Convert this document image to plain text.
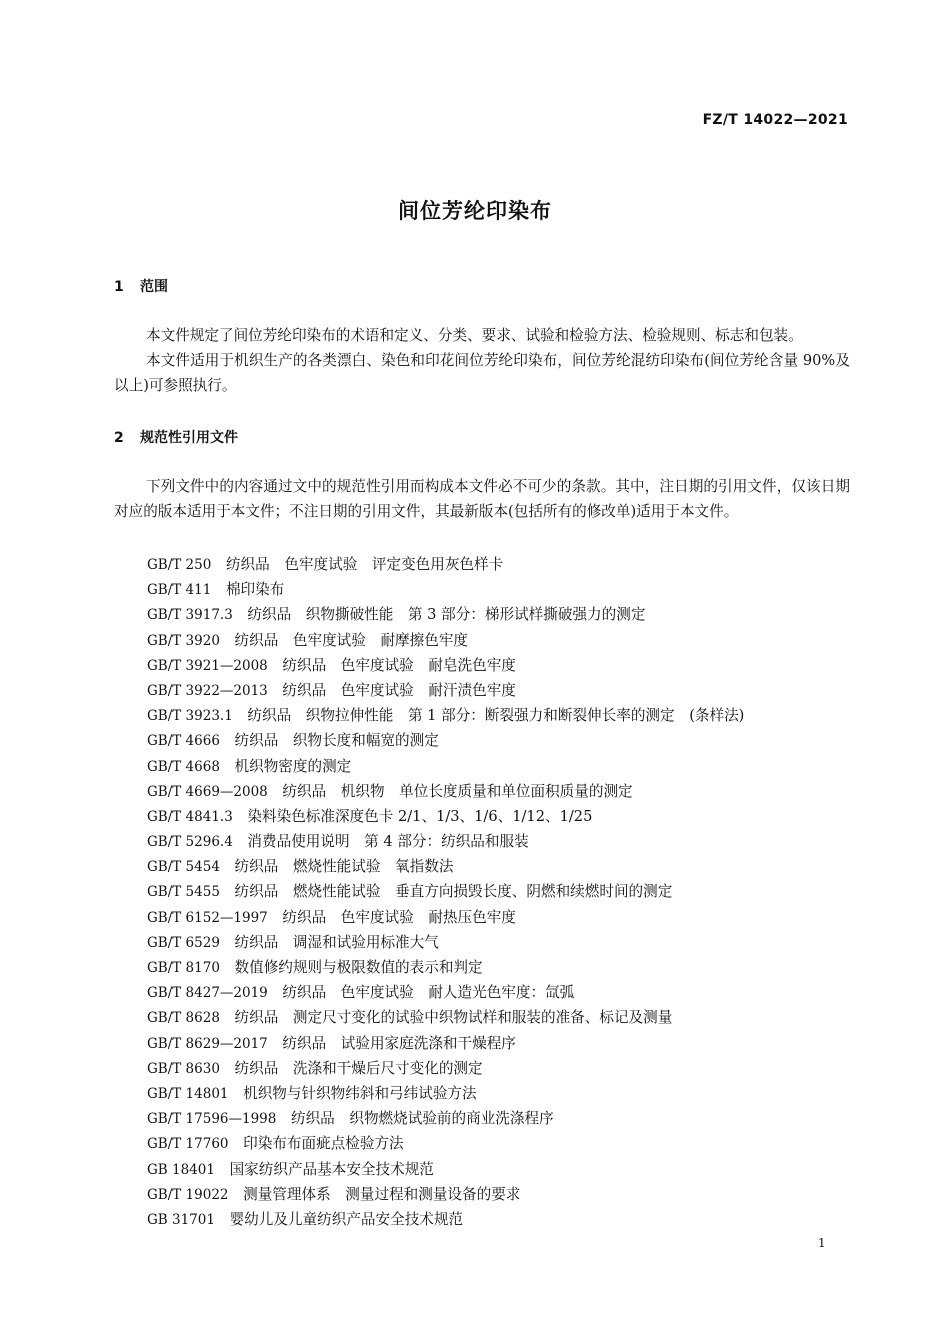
FZ/T 14022—2021
间位芳纶印染布
1 范围

本文件规定了间位芳纶印染布的术语和定义、分类、要求、试验和检验方法、检验规则、标志和包装。

本文件适用于机织生产的各类漂白、染色和印花间位芳纶印染布，间位芳纶混纺印染布(间位芳纶含量 90%及以上)可参照执行。

2 规范性引用文件

下列文件中的内容通过文中的规范性引用而构成本文件必不可少的条款。其中，注日期的引用文件，仅该日期对应的版本适用于本文件；不注日期的引用文件，其最新版本(包括所有的修改单)适用于本文件。

GB/T 250　 纺织品　色牢度试验　评定变色用灰色样卡
GB/T 411　 棉印染布
GB/T 3917.3　 纺织品　织物撕破性能　第 3 部分：梯形试样撕破强力的测定
GB/T 3920　 纺织品　色牢度试验　耐摩擦色牢度
GB/T 3921—2008　 纺织品　色牢度试验　耐皂洗色牢度
GB/T 3922—2013　 纺织品　色牢度试验　耐汗渍色牢度
GB/T 3923.1　 纺织品　织物拉伸性能　第 1 部分：断裂强力和断裂伸长率的测定　(条样法)
GB/T 4666　 纺织品　织物长度和幅宽的测定
GB/T 4668　 机织物密度的测定
GB/T 4669—2008　 纺织品　机织物　单位长度质量和单位面积质量的测定
GB/T 4841.3　 染料染色标准深度色卡 2/1、1/3、1/6、1/12、1/25
GB/T 5296.4　 消费品使用说明　第 4 部分：纺织品和服装
GB/T 5454　 纺织品　燃烧性能试验　氧指数法
GB/T 5455　 纺织品　燃烧性能试验　垂直方向损毁长度、阴燃和续燃时间的测定
GB/T 6152—1997　 纺织品　色牢度试验　耐热压色牢度
GB/T 6529　 纺织品　调湿和试验用标准大气
GB/T 8170　 数值修约规则与极限数值的表示和判定
GB/T 8427—2019　 纺织品　色牢度试验　耐人造光色牢度：氙弧
GB/T 8628　 纺织品　测定尺寸变化的试验中织物试样和服装的准备、标记及测量
GB/T 8629—2017　 纺织品　试验用家庭洗涤和干燥程序
GB/T 8630　 纺织品　洗涤和干燥后尺寸变化的测定
GB/T 14801　 机织物与针织物纬斜和弓纬试验方法
GB/T 17596—1998　 纺织品　织物燃烧试验前的商业洗涤程序
GB/T 17760　 印染布布面疵点检验方法
GB 18401　 国家纺织产品基本安全技术规范
GB/T 19022　 测量管理体系　测量过程和测量设备的要求
GB 31701　 婴幼儿及儿童纺织产品安全技术规范
1
